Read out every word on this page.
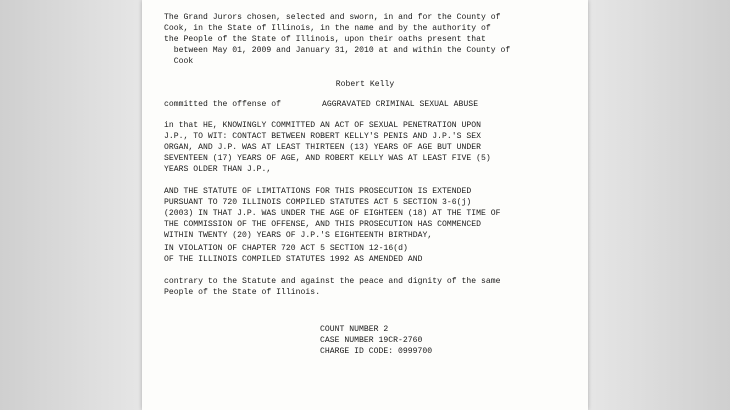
The Grand Jurors chosen, selected and sworn, in and for the County of
Cook, in the State of Illinois, in the name and by the authority of
the People of the State of Illinois, upon their oaths present that
between May 01, 2009 and January 31, 2010 at and within the County of
Cook
Robert Kelly
committed the offense of	AGGRAVATED CRIMINAL SEXUAL ABUSE
in that HE, KNOWINGLY COMMITTED AN ACT OF SEXUAL PENETRATION UPON
J.P., TO WIT: CONTACT BETWEEN ROBERT KELLY'S PENIS AND J.P.'S SEX
ORGAN, AND J.P. WAS AT LEAST THIRTEEN (13) YEARS OF AGE BUT UNDER
SEVENTEEN (17) YEARS OF AGE, AND ROBERT KELLY WAS AT LEAST FIVE (5)
YEARS OLDER THAN J.P.,
AND THE STATUTE OF LIMITATIONS FOR THIS PROSECUTION IS EXTENDED
PURSUANT TO 720 ILLINOIS COMPILED STATUTES ACT 5 SECTION 3-6(j)
(2003) IN THAT J.P. WAS UNDER THE AGE OF EIGHTEEN (18) AT THE TIME OF
THE COMMISSION OF THE OFFENSE, AND THIS PROSECUTION HAS COMMENCED
WITHIN TWENTY (20) YEARS OF J.P.'S EIGHTEENTH BIRTHDAY,
IN VIOLATION OF CHAPTER 720 ACT 5 SECTION 12-16(d)
OF THE ILLINOIS COMPILED STATUTES 1992 AS AMENDED AND
contrary to the Statute and against the peace and dignity of the same
People of the State of Illinois.
COUNT NUMBER 2
CASE NUMBER 19CR-2760
CHARGE ID CODE: 0999700
